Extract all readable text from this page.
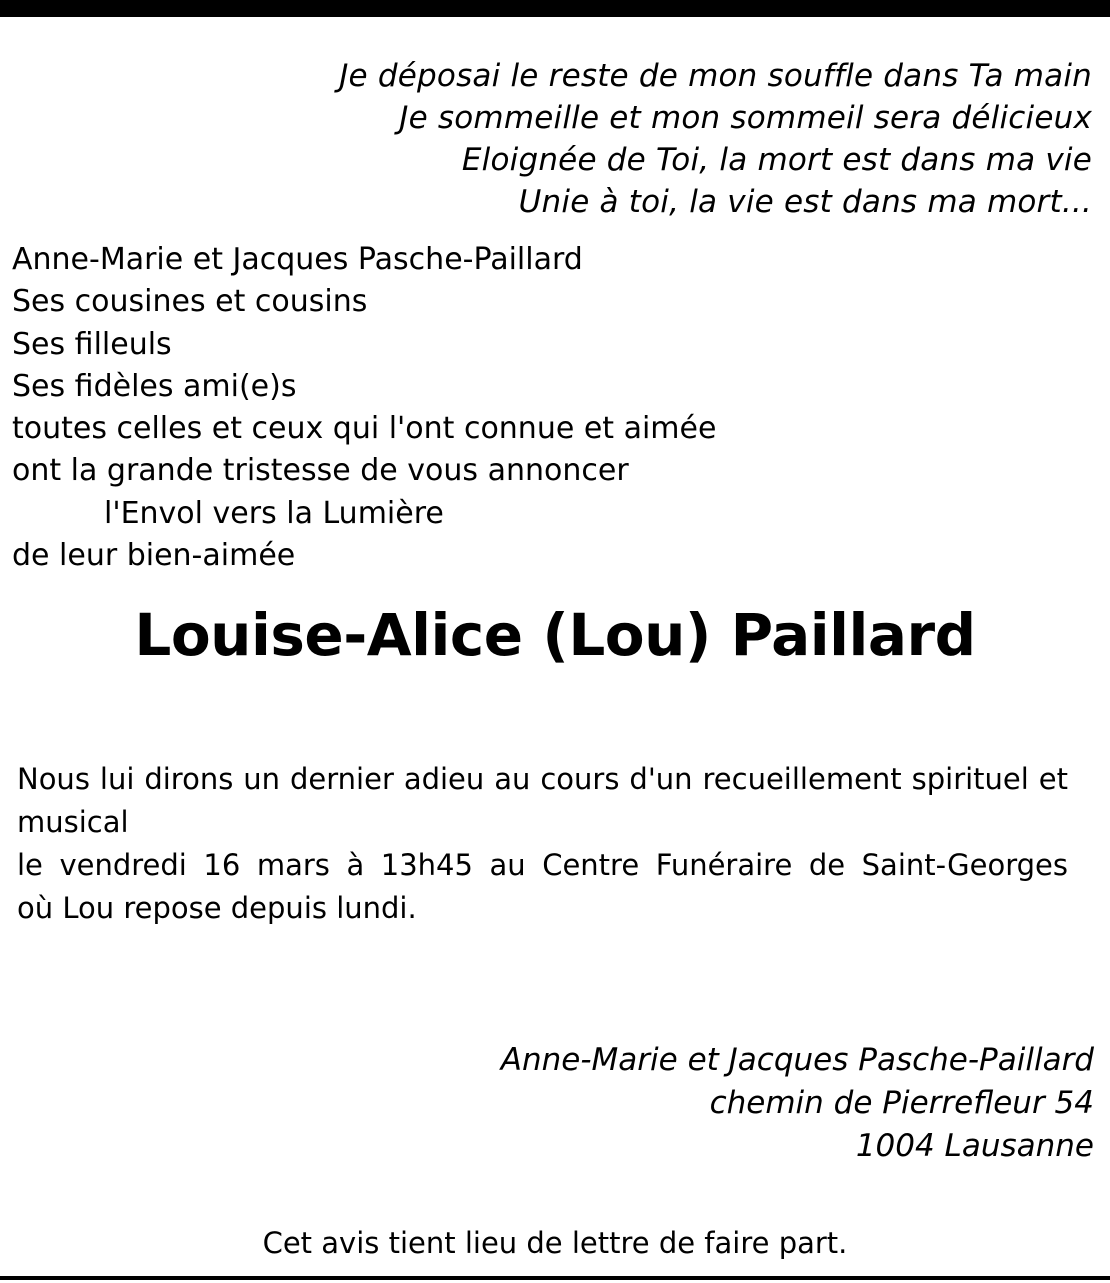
Je déposai le reste de mon souffle dans Ta main
Je sommeille et mon sommeil sera délicieux
Eloignée de Toi, la mort est dans ma vie
Unie à toi, la vie est dans ma mort...
Anne-Marie et Jacques Pasche-Paillard
Ses cousines et cousins
Ses filleuls
Ses fidèles ami(e)s
toutes celles et ceux qui l'ont connue et aimée
ont la grande tristesse de vous annoncer
l'Envol vers la Lumière
de leur bien-aimée
Louise-Alice (Lou) Paillard

Nous lui dirons un dernier adieu au cours d'un recueillement spirituel et musical

le vendredi 16 mars à 13h45 au Centre Funéraire de Saint-Georges

où Lou repose depuis lundi.

Anne-Marie et Jacques Pasche-Paillard
chemin de Pierrefleur 54
1004 Lausanne
Cet avis tient lieu de lettre de faire part.
